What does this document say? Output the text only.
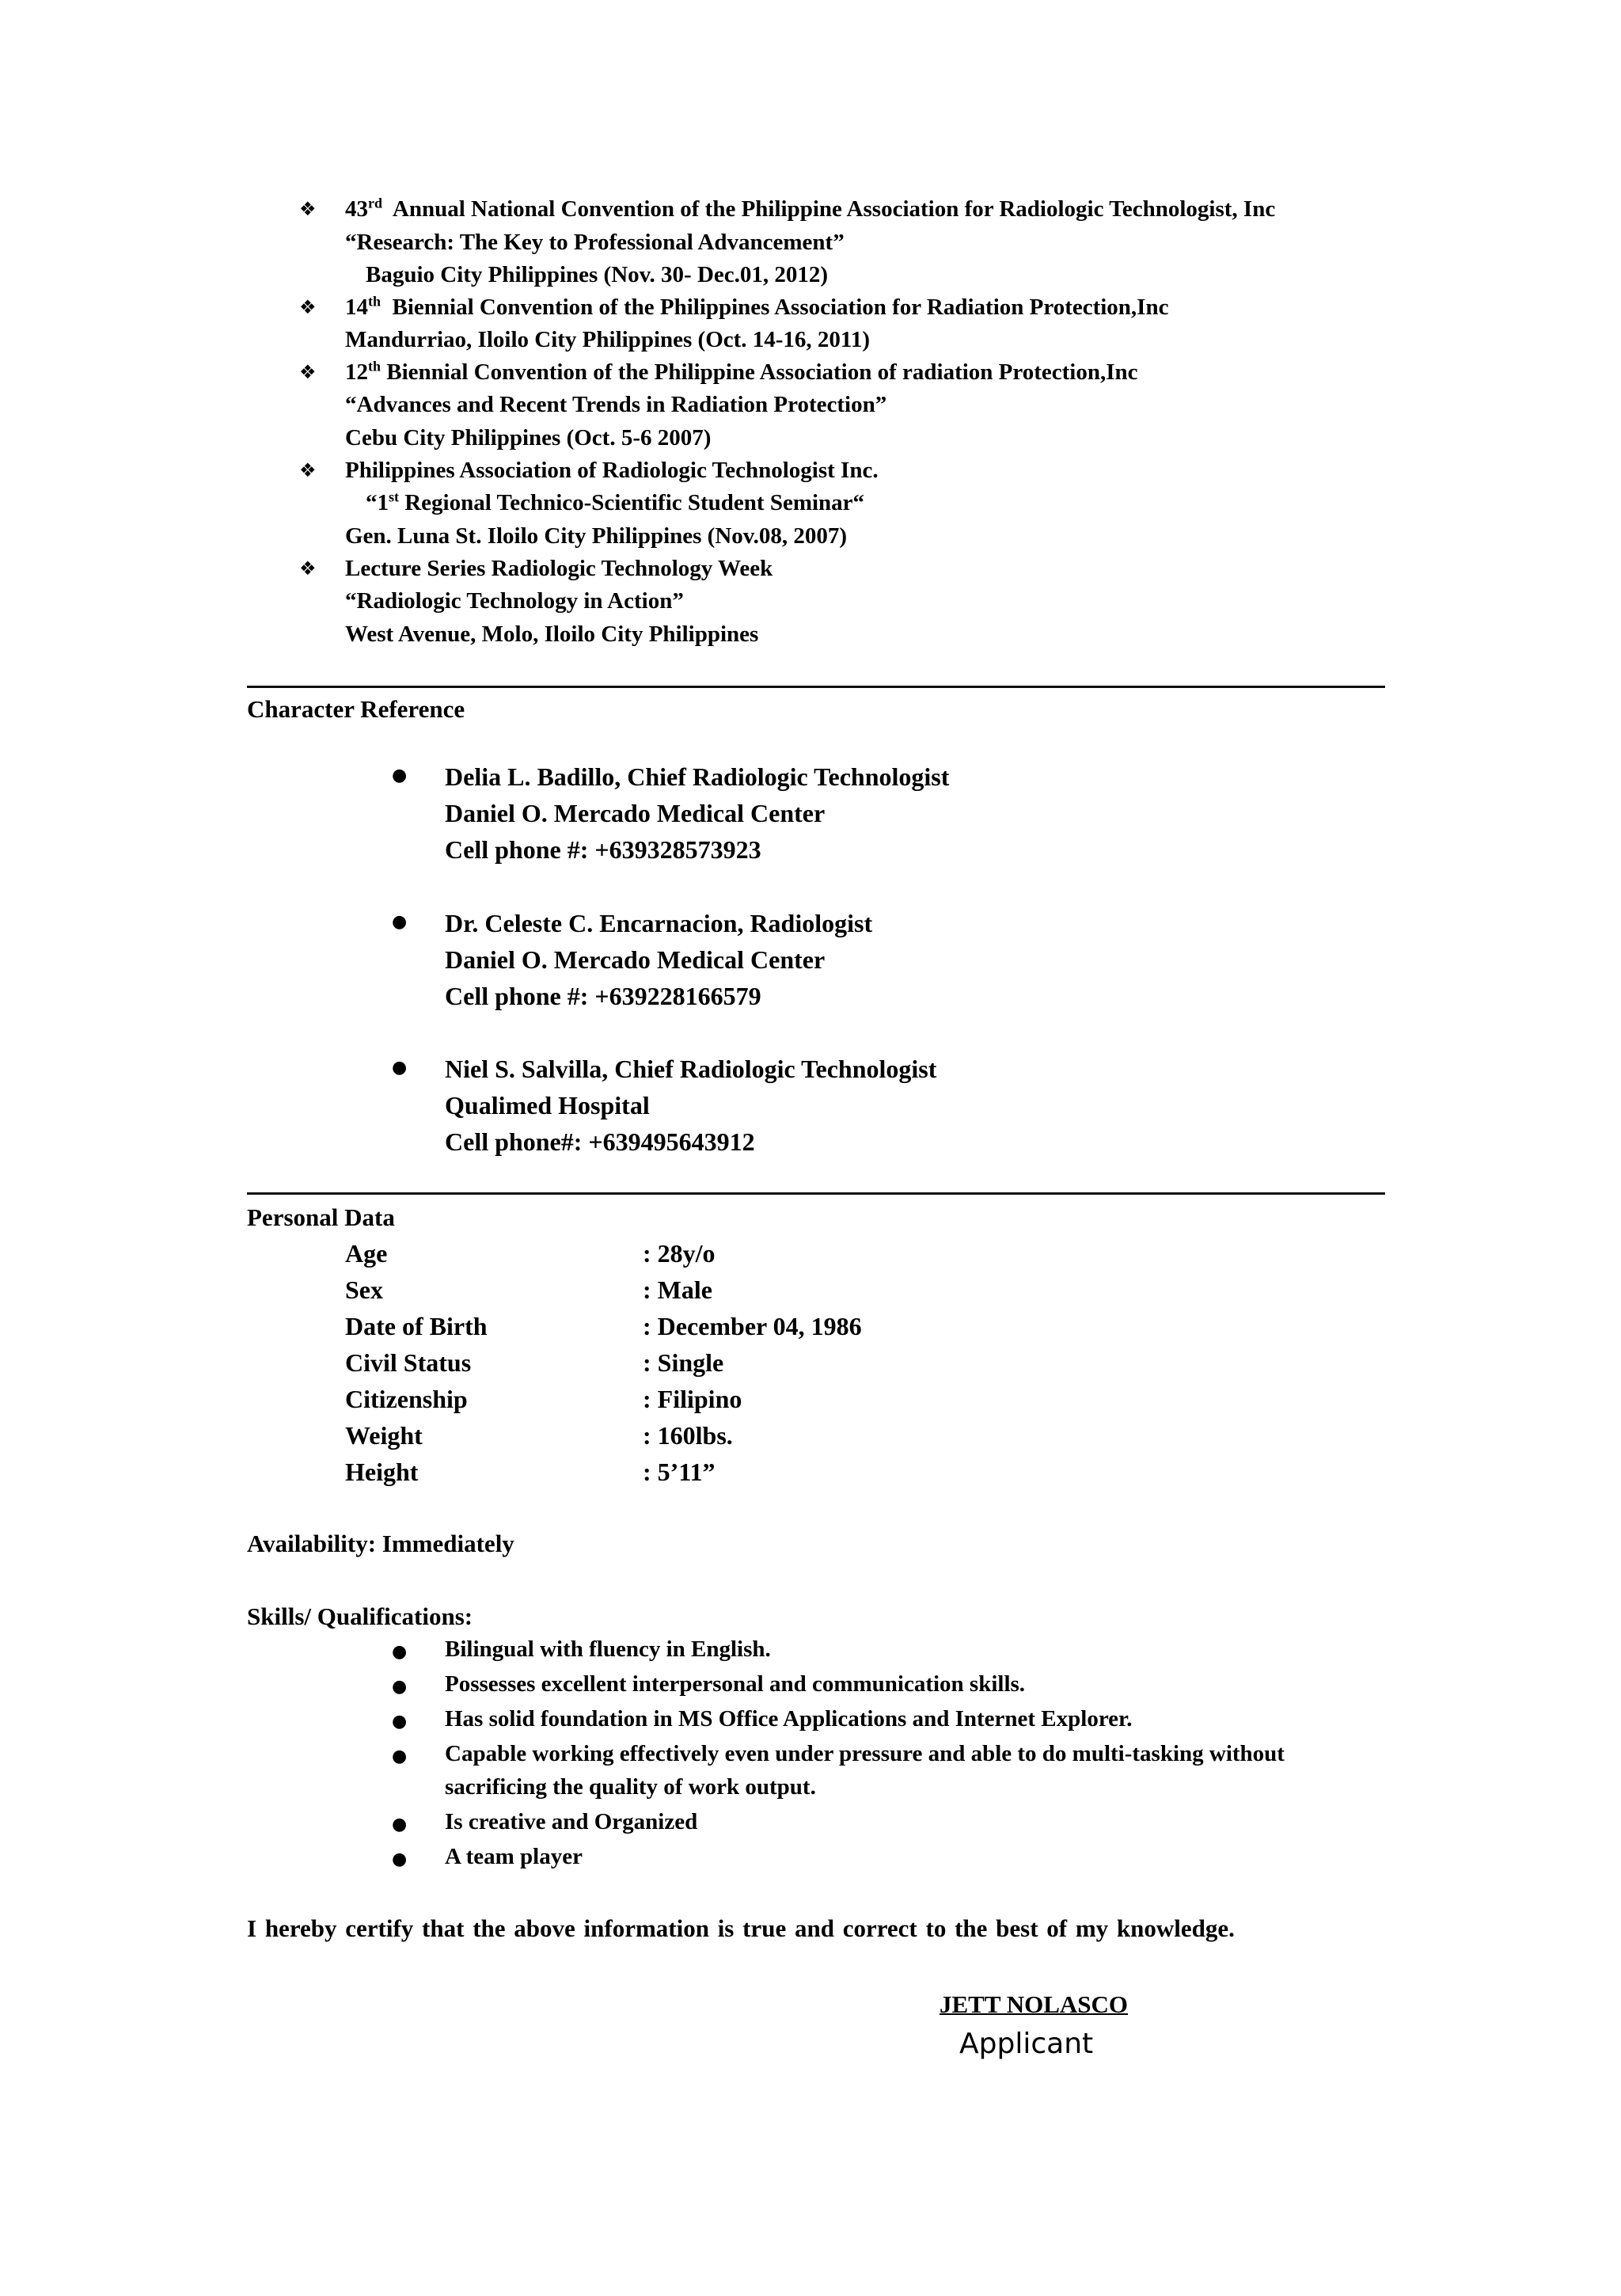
❖ 43rd Annual National Convention of the Philippine Association for Radiologic Technologist, Inc
“Research: The Key to Professional Advancement”
Baguio City Philippines (Nov. 30- Dec.01, 2012)
❖ 14th Biennial Convention of the Philippines Association for Radiation Protection,Inc
Mandurriao, Iloilo City Philippines (Oct. 14-16, 2011)
❖ 12th Biennial Convention of the Philippine Association of radiation Protection,Inc
“Advances and Recent Trends in Radiation Protection”
Cebu City Philippines (Oct. 5-6 2007)
❖ Philippines Association of Radiologic Technologist Inc.
“1st Regional Technico-Scientific Student Seminar“
Gen. Luna St. Iloilo City Philippines (Nov.08, 2007)
❖ Lecture Series Radiologic Technology Week
“Radiologic Technology in Action”
West Avenue, Molo, Iloilo City Philippines
Character Reference
● Delia L. Badillo, Chief Radiologic Technologist
Daniel O. Mercado Medical Center
Cell phone #: +639328573923
● Dr. Celeste C. Encarnacion, Radiologist
Daniel O. Mercado Medical Center
Cell phone #: +639228166579
● Niel S. Salvilla, Chief Radiologic Technologist
Qualimed Hospital
Cell phone#: +639495643912
Personal Data
Age	: 28y/o
Sex	: Male
Date of Birth	: December 04, 1986
Civil Status	: Single
Citizenship	: Filipino
Weight	: 160lbs.
Height	: 5’11”
Availability: Immediately
Skills/ Qualifications:
● Bilingual with fluency in English.
● Possesses excellent interpersonal and communication skills.
● Has solid foundation in MS Office Applications and Internet Explorer.
● Capable working effectively even under pressure and able to do multi-tasking without
sacrificing the quality of work output.
● Is creative and Organized
● A team player
I hereby certify that the above information is true and correct to the best of my knowledge.
JETT NOLASCO
Applicant
